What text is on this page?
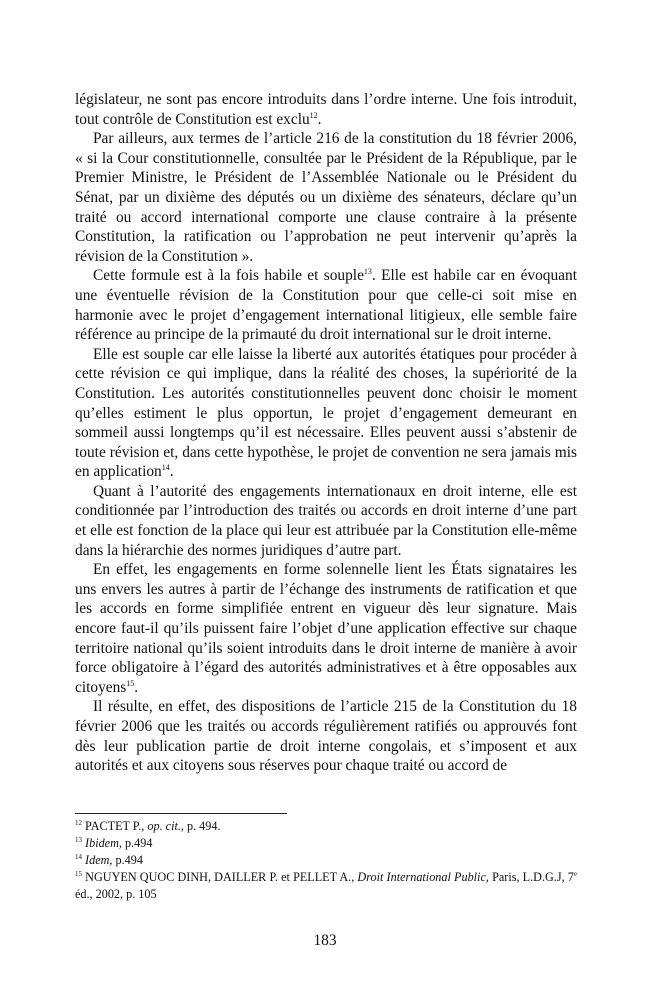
législateur, ne sont pas encore introduits dans l’ordre interne. Une fois introduit, tout contrôle de Constitution est exclu$^{12}$.

Par ailleurs, aux termes de l’article 216 de la constitution du 18 février 2006, « si la Cour constitutionnelle, consultée par le Président de la République, par le Premier Ministre, le Président de l’Assemblée Nationale ou le Président du Sénat, par un dixième des députés ou un dixième des sénateurs, déclare qu’un traité ou accord international comporte une clause contraire à la présente Constitution, la ratification ou l’approbation ne peut intervenir qu’après la révision de la Constitution ».

Cette formule est à la fois habile et souple$^{13}$. Elle est habile car en évoquant une éventuelle révision de la Constitution pour que celle-ci soit mise en harmonie avec le projet d’engagement international litigieux, elle semble faire référence au principe de la primauté du droit international sur le droit interne.

Elle est souple car elle laisse la liberté aux autorités étatiques pour procéder à cette révision ce qui implique, dans la réalité des choses, la supériorité de la Constitution. Les autorités constitutionnelles peuvent donc choisir le moment qu’elles estiment le plus opportun, le projet d’engagement demeurant en sommeil aussi longtemps qu’il est nécessaire. Elles peuvent aussi s’abstenir de toute révision et, dans cette hypothèse, le projet de convention ne sera jamais mis en application$^{14}$.

Quant à l’autorité des engagements internationaux en droit interne, elle est conditionnée par l’introduction des traités ou accords en droit interne d’une part et elle est fonction de la place qui leur est attribuée par la Constitution elle-même dans la hiérarchie des normes juridiques d’autre part.

En effet, les engagements en forme solennelle lient les États signataires les uns envers les autres à partir de l’échange des instruments de ratification et que les accords en forme simplifiée entrent en vigueur dès leur signature. Mais encore faut-il qu’ils puissent faire l’objet d’une application effective sur chaque territoire national qu’ils soient introduits dans le droit interne de manière à avoir force obligatoire à l’égard des autorités administratives et à être opposables aux citoyens$^{15}$.

Il résulte, en effet, des dispositions de l’article 215 de la Constitution du 18 février 2006 que les traités ou accords régulièrement ratifiés ou approuvés font dès leur publication partie de droit interne congolais, et s’imposent et aux autorités et aux citoyens sous réserves pour chaque traité ou accord de

$^{12}$ PACTET P., op. cit., p. 494.
$^{13}$ Ibidem, p.494
$^{14}$ Idem, p.494
$^{15}$ NGUYEN QUOC DINH, DAILLER P. et PELLET A., Droit International Public, Paris, L.D.G.J, 7e éd., 2002, p. 105
183
